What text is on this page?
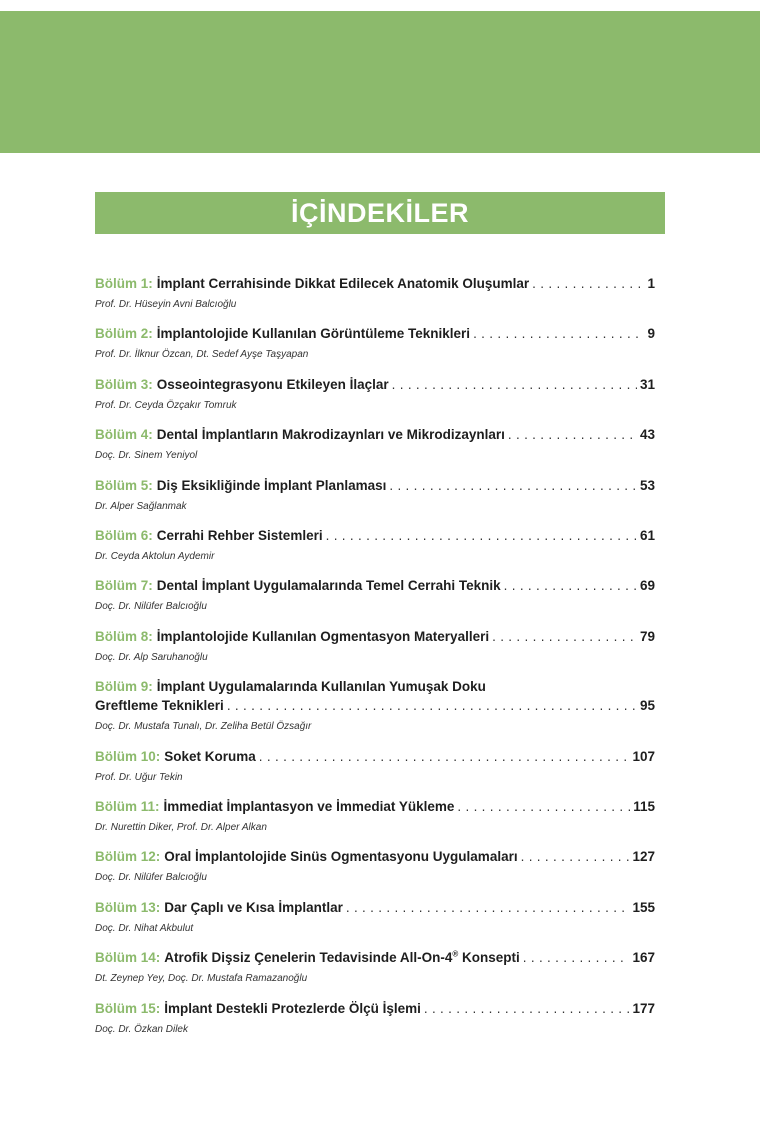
İÇİNDEKİLER
Bölüm 1: İmplant Cerrahisinde Dikkat Edilecek Anatomik Oluşumlar . . .	1
Prof. Dr. Hüseyin Avni Balcıoğlu
Bölüm 2: İmplantolojide Kullanılan Görüntüleme Teknikleri . . .	9
Prof. Dr. İlknur Özcan, Dt. Sedef Ayşe Taşyapan
Bölüm 3: Osseointegrasyonu Etkileyen İlaçlar . . .	31
Prof. Dr. Ceyda Özçakır Tomruk
Bölüm 4: Dental İmplantların Makrodizaynları ve Mikrodizaynları . . .	43
Doç. Dr. Sinem Yeniyol
Bölüm 5: Diş Eksikliğinde İmplant Planlaması . . .	53
Dr. Alper Sağlanmak
Bölüm 6: Cerrahi Rehber Sistemleri . . .	61
Dr. Ceyda Aktolun Aydemir
Bölüm 7: Dental İmplant Uygulamalarında Temel Cerrahi Teknik . . .	69
Doç. Dr. Nilüfer Balcıoğlu
Bölüm 8: İmplantolojide Kullanılan Ogmentasyon Materyalleri . . .	79
Doç. Dr. Alp Saruhanoğlu
Bölüm 9: İmplant Uygulamalarında Kullanılan Yumuşak Doku
Greftleme Teknikleri . . .	95
Doç. Dr. Mustafa Tunalı, Dr. Zeliha Betül Özsağır
Bölüm 10: Soket Koruma . . .	107
Prof. Dr. Uğur Tekin
Bölüm 11: İmmediat İmplantasyon ve İmmediat Yükleme . . .	115
Dr. Nurettin Diker, Prof. Dr. Alper Alkan
Bölüm 12: Oral İmplantolojide Sinüs Ogmentasyonu Uygulamaları . . .	127
Doç. Dr. Nilüfer Balcıoğlu
Bölüm 13: Dar Çaplı ve Kısa İmplantlar . . .	155
Doç. Dr. Nihat Akbulut
Bölüm 14: Atrofik Dişsiz Çenelerin Tedavisinde All-On-4® Konsepti . . .	167
Dt. Zeynep Yey, Doç. Dr. Mustafa Ramazanoğlu
Bölüm 15: İmplant Destekli Protezlerde Ölçü İşlemi . . .	177
Doç. Dr. Özkan Dilek
